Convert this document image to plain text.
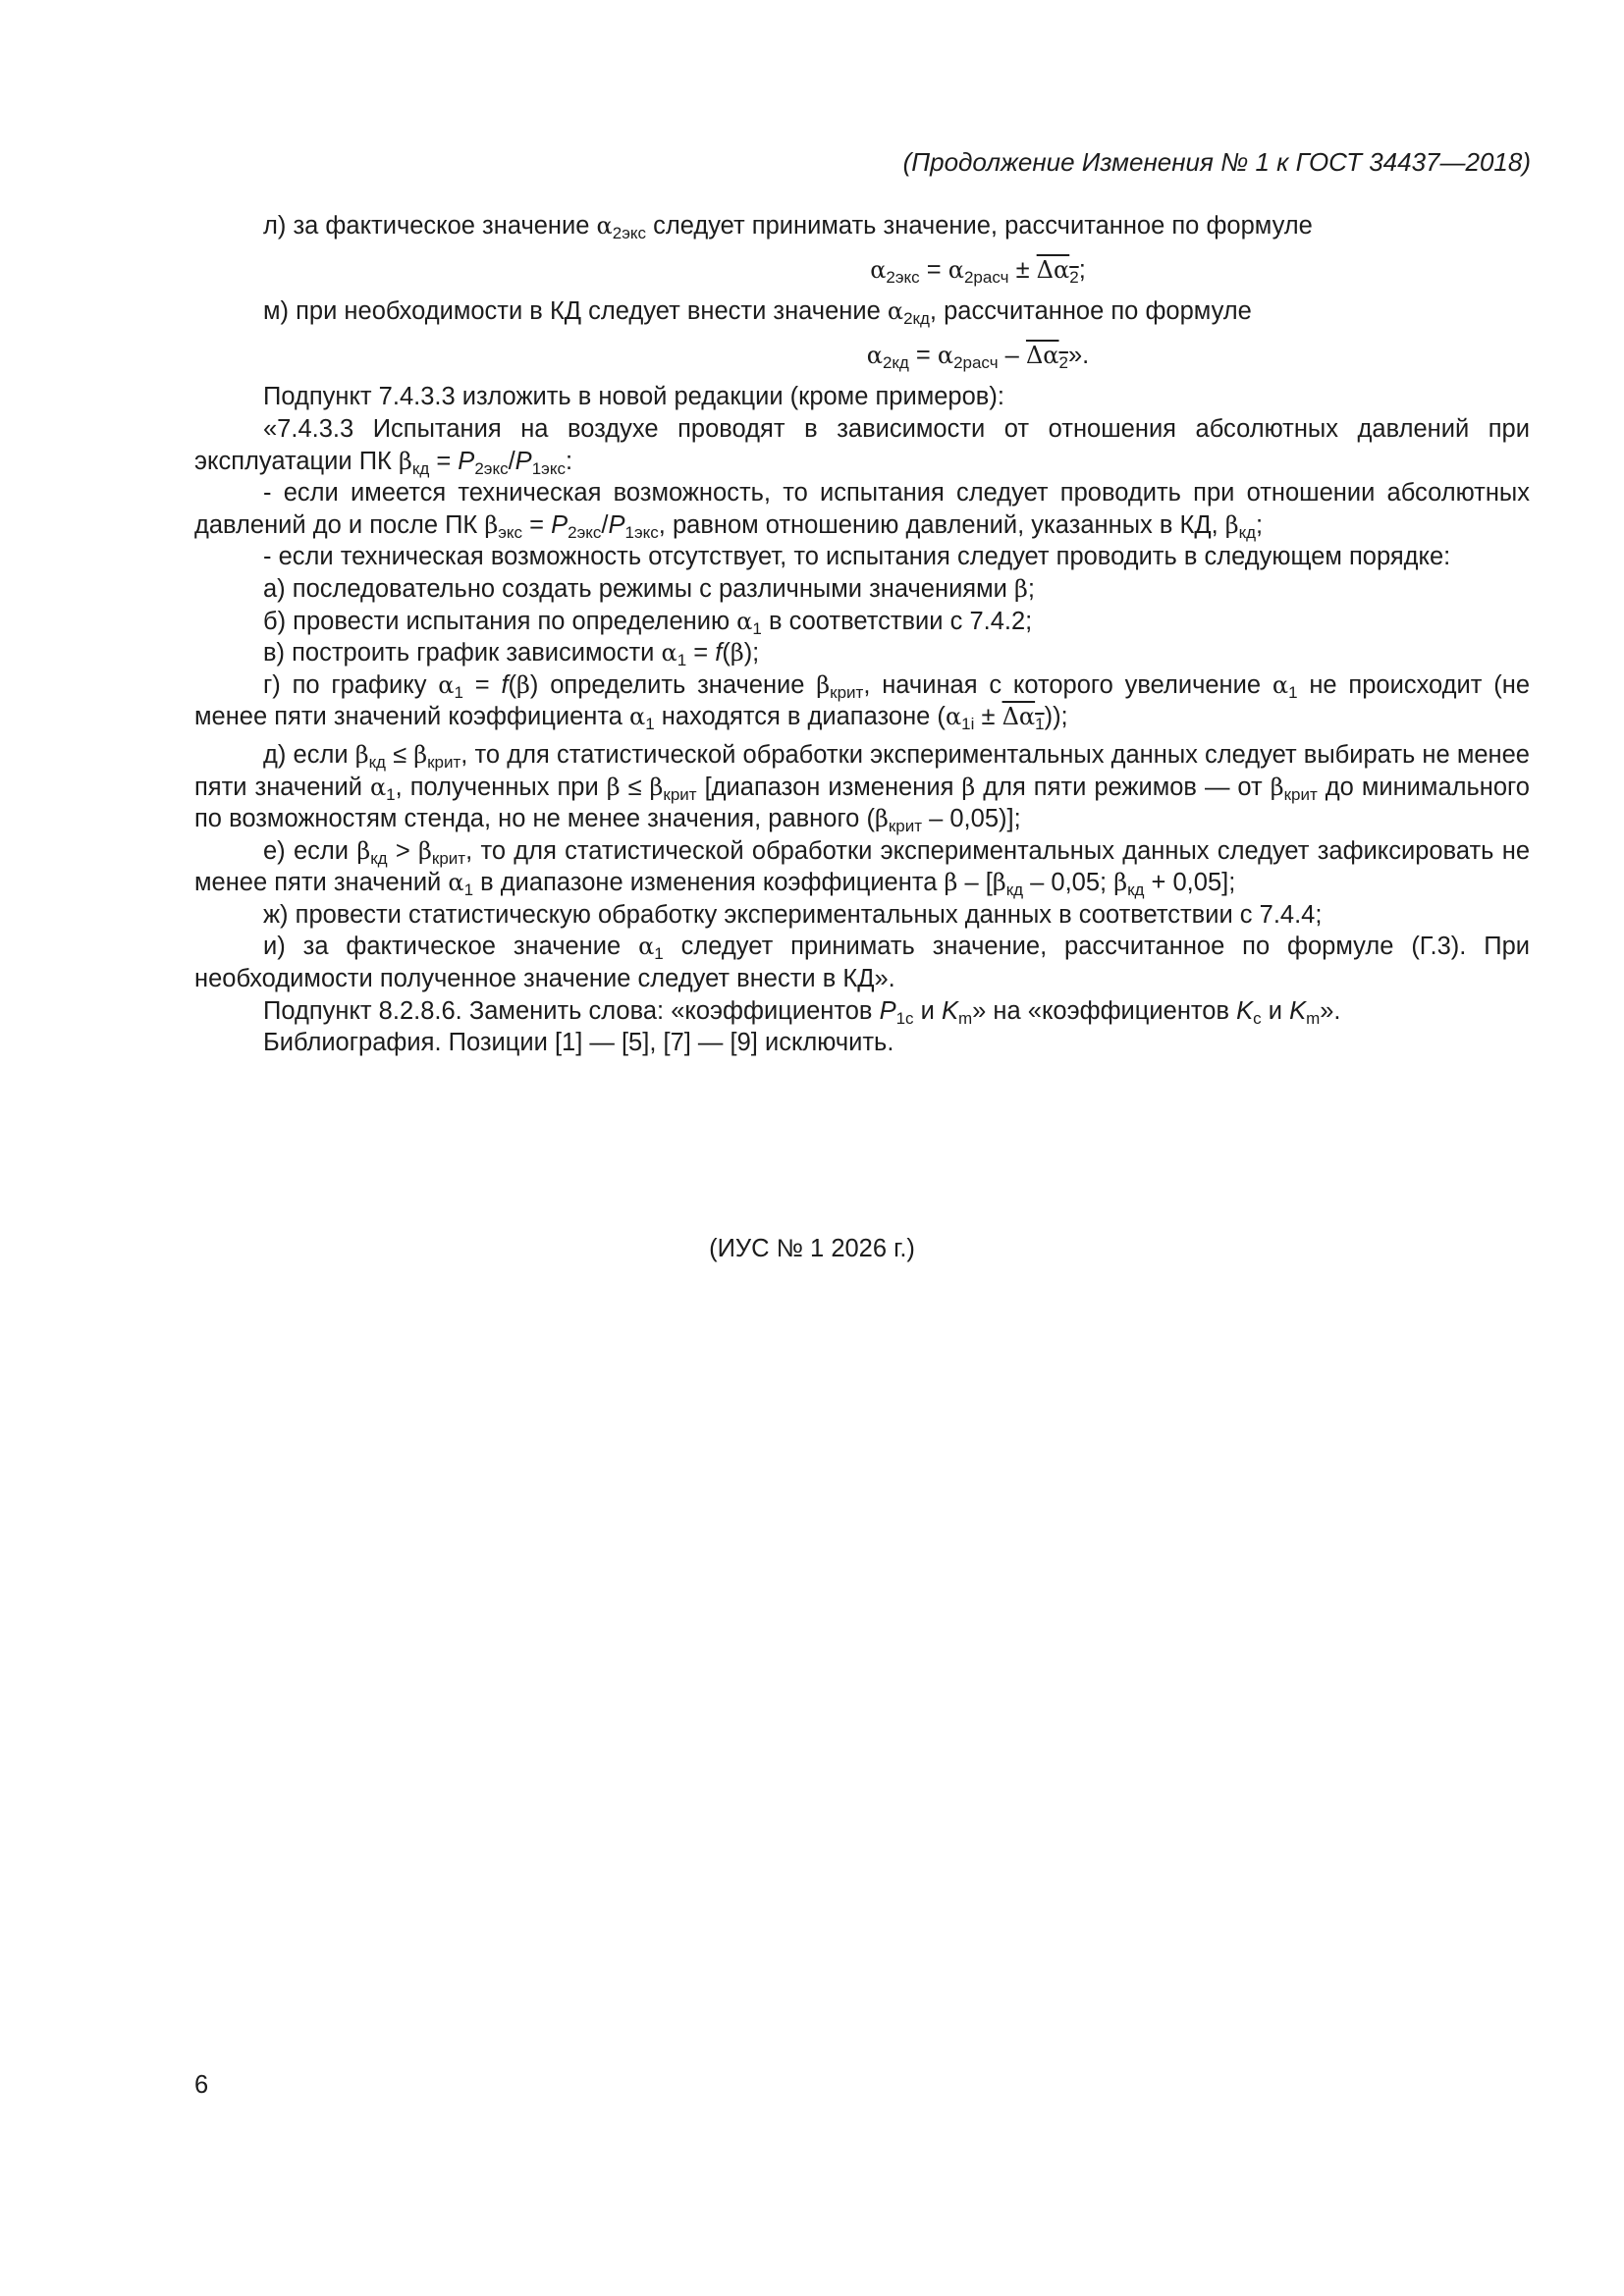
(Продолжение Изменения № 1 к ГОСТ 34437—2018)

л) за фактическое значение $\alpha_{2экс}$ следует принимать значение, рассчитанное по формуле

$\alpha_{2экс} = \alpha_{2расч} \pm \Delta\alpha_2$;

м) при необходимости в КД следует внести значение $\alpha_{2кд}$, рассчитанное по формуле

$\alpha_{2кд} = \alpha_{2расч} - \Delta\alpha_2$».

Подпункт 7.4.3.3 изложить в новой редакции (кроме примеров):

«7.4.3.3 Испытания на воздухе проводят в зависимости от отношения абсолютных давлений при эксплуатации ПК $\beta_{кд} = P_{2экс}/P_{1экс}$:

- если имеется техническая возможность, то испытания следует проводить при отношении абсолютных давлений до и после ПК $\beta_{экс} = P_{2экс}/P_{1экс}$, равном отношению давлений, указанных в КД, $\beta_{кд}$;

- если техническая возможность отсутствует, то испытания следует проводить в следующем порядке:

а) последовательно создать режимы с различными значениями β;

б) провести испытания по определению $\alpha_1$ в соответствии с 7.4.2;

в) построить график зависимости $\alpha_1 = f(\beta)$;

г) по графику $\alpha_1 = f(\beta)$ определить значение $\beta_{крит}$, начиная с которого увеличение $\alpha_1$ не происходит (не менее пяти значений коэффициента $\alpha_1$ находятся в диапазоне $(\alpha_{1i} \pm \Delta\alpha_1)$);

д) если $\beta_{кд} \le \beta_{крит}$, то для статистической обработки экспериментальных данных следует выбирать не менее пяти значений $\alpha_1$, полученных при $\beta \le \beta_{крит}$ [диапазон изменения β для пяти режимов — от $\beta_{крит}$ до минимального по возможностям стенда, но не менее значения, равного $(\beta_{крит} - 0,05)$];

е) если $\beta_{кд} > \beta_{крит}$, то для статистической обработки экспериментальных данных следует зафиксировать не менее пяти значений $\alpha_1$ в диапазоне изменения коэффициента β – [$\beta_{кд} - 0,05$; $\beta_{кд} + 0,05$];

ж) провести статистическую обработку экспериментальных данных в соответствии с 7.4.4;

и) за фактическое значение $\alpha_1$ следует принимать значение, рассчитанное по формуле (Г.3). При необходимости полученное значение следует внести в КД».

Подпункт 8.2.8.6. Заменить слова: «коэффициентов $P_{1с}$ и $K_m$» на «коэффициентов $K_с$ и $K_m$».

Библиография. Позиции [1] — [5], [7] — [9] исключить.

(ИУС № 1 2026 г.)
6
